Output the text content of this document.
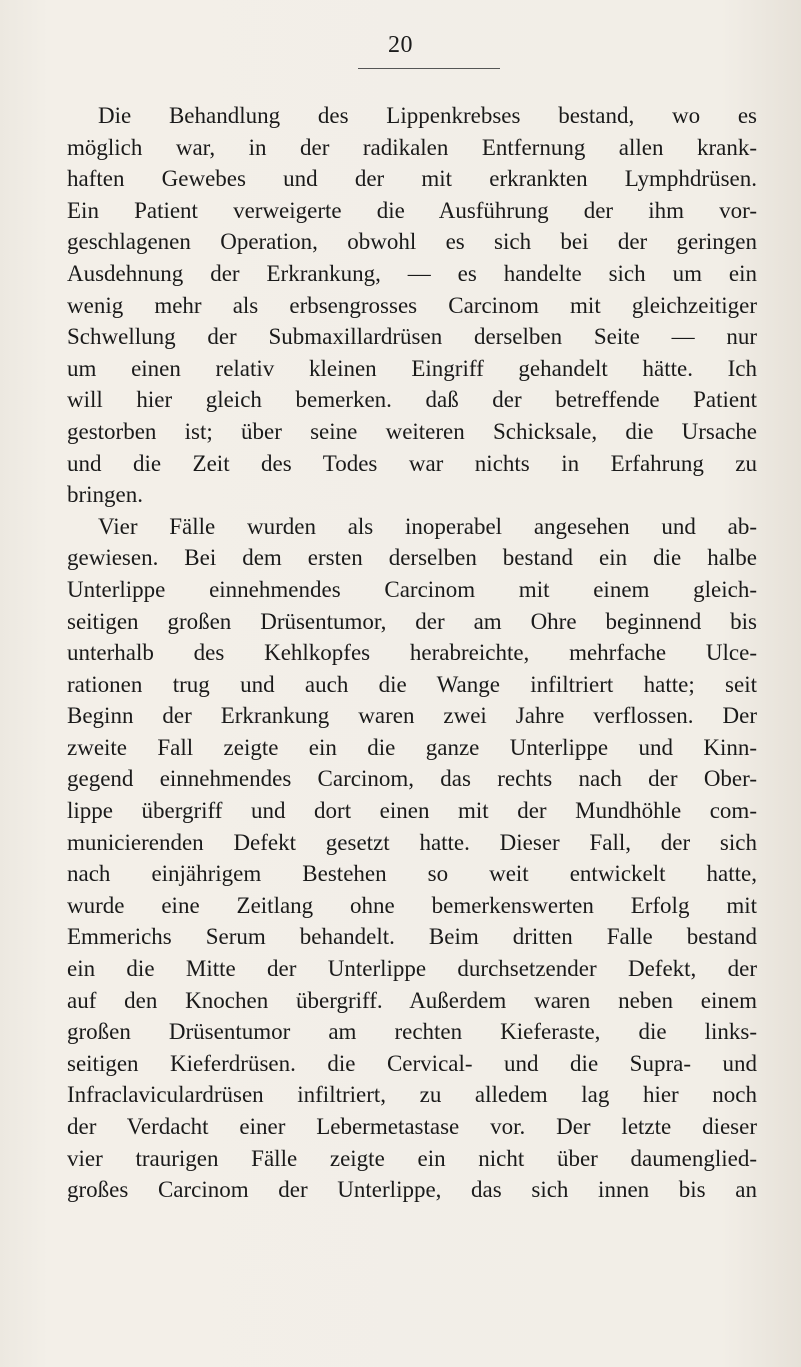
20
Die Behandlung des Lippenkrebses bestand, wo es
möglich war, in der radikalen Entfernung allen krank-
haften Gewebes und der mit erkrankten Lymphdrüsen.
Ein Patient verweigerte die Ausführung der ihm vor-
geschlagenen Operation, obwohl es sich bei der geringen
Ausdehnung der Erkrankung, — es handelte sich um ein
wenig mehr als erbsengrosses Carcinom mit gleichzeitiger
Schwellung der Submaxillardrüsen derselben Seite — nur
um einen relativ kleinen Eingriff gehandelt hätte. Ich
will hier gleich bemerken. daß der betreffende Patient
gestorben ist; über seine weiteren Schicksale, die Ursache
und die Zeit des Todes war nichts in Erfahrung zu
bringen.
Vier Fälle wurden als inoperabel angesehen und ab-
gewiesen. Bei dem ersten derselben bestand ein die halbe
Unterlippe einnehmendes Carcinom mit einem gleich-
seitigen großen Drüsentumor, der am Ohre beginnend bis
unterhalb des Kehlkopfes herabreichte, mehrfache Ulce-
rationen trug und auch die Wange infiltriert hatte; seit
Beginn der Erkrankung waren zwei Jahre verflossen. Der
zweite Fall zeigte ein die ganze Unterlippe und Kinn-
gegend einnehmendes Carcinom, das rechts nach der Ober-
lippe übergriff und dort einen mit der Mundhöhle com-
municierenden Defekt gesetzt hatte. Dieser Fall, der sich
nach einjährigem Bestehen so weit entwickelt hatte,
wurde eine Zeitlang ohne bemerkenswerten Erfolg mit
Emmerichs Serum behandelt. Beim dritten Falle bestand
ein die Mitte der Unterlippe durchsetzender Defekt, der
auf den Knochen übergriff. Außerdem waren neben einem
großen Drüsentumor am rechten Kieferaste, die links-
seitigen Kieferdrüsen. die Cervical- und die Supra- und
Infraclaviculardrüsen infiltriert, zu alledem lag hier noch
der Verdacht einer Lebermetastase vor. Der letzte dieser
vier traurigen Fälle zeigte ein nicht über daumenglied-
großes Carcinom der Unterlippe, das sich innen bis an
